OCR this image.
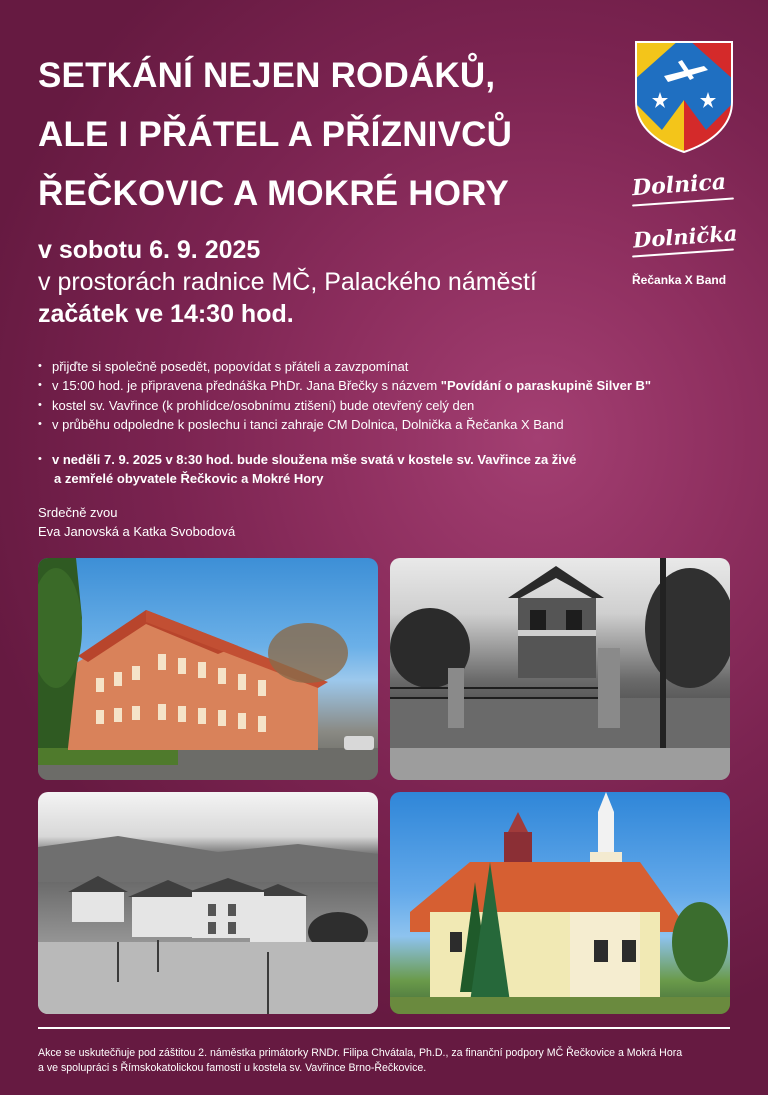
SETKÁNÍ NEJEN RODÁKŮ,
ALE I PŘÁTEL A PŘÍZNIVCŮ
ŘEČKOVIC A MOKRÉ HORY	Dolnica
Dolnička
Řečanka X Band
v sobotu 6. 9. 2025
v prostorách radnice MČ, Palackého náměstí
začátek ve 14:30 hod.
• přijďte si společně posedět, popovídat s přáteli a zavzpomínat
• v 15:00 hod. je připravena přednáška PhDr. Jana Břečky s názvem "Povídání o paraskupině Silver B"
• kostel sv. Vavřince (k prohlídce/osobnímu ztišení) bude otevřený celý den
• v průběhu odpoledne k poslechu i tanci zahraje CM Dolnica, Dolnička a Řečanka X Band
• v neděli 7. 9. 2025 v 8:30 hod. bude sloužena mše svatá v kostele sv. Vavřince za živé
a zemřelé obyvatele Řečkovic a Mokré Hory
Srdečně zvou
Eva Janovská a Katka Svobodová
Akce se uskutečňuje pod záštitou 2. náměstka primátorky RNDr. Filipa Chvátala, Ph.D., za finanční podpory MČ Řečkovice a Mokrá Hora
a ve spolupráci s Římskokatolickou famostí u kostela sv. Vavřince Brno-Řečkovice.
